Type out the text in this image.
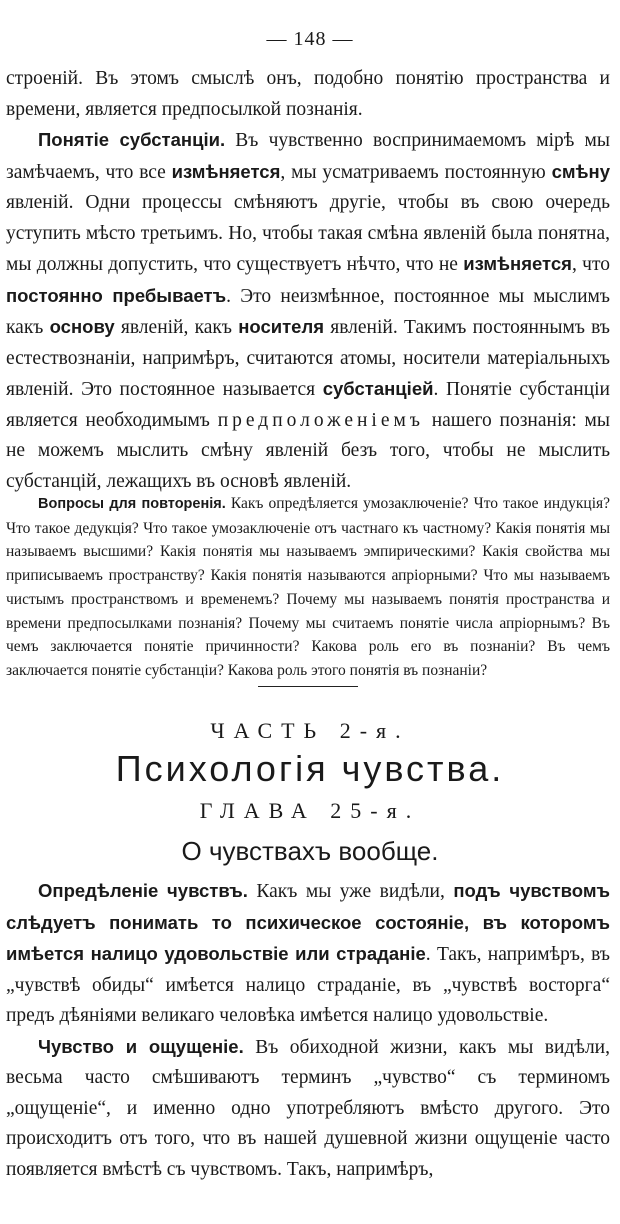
— 148 —

строеній. Въ этомъ смыслѣ онъ, подобно понятію пространства и времени, является предпосылкой познанія.

Понятіе субстанціи. Въ чувственно воспринимаемомъ мірѣ мы замѣчаемъ, что все измѣняется, мы усматриваемъ постоянную смѣну явленій. Одни процессы смѣняютъ другіе, чтобы въ свою очередь уступить мѣсто третьимъ. Но, чтобы такая смѣна явленій была понятна, мы должны допустить, что существуетъ нѣчто, что не измѣняется, что постоянно пребываетъ. Это неизмѣнное, постоянное мы мыслимъ какъ основу явленій, какъ носителя явленій. Такимъ постояннымъ въ естествознаніи, напримѣръ, считаются атомы, носители матеріальныхъ явленій. Это постоянное называется субстанціей. Понятіе субстанціи является необходимымъ предположеніемъ нашего познанія: мы не можемъ мыслить смѣну явленій безъ того, чтобы не мыслить субстанцій, лежащихъ въ основѣ явленій.

Вопросы для повторенія. Какъ опредѣляется умозаключеніе? Что такое индукція? Что такое дедукція? Что такое умозаключеніе отъ частнаго къ частному? Какія понятія мы называемъ высшими? Какія понятія мы называемъ эмпирическими? Какія свойства мы приписываемъ пространству? Какія понятія называются апріорными? Что мы называемъ чистымъ пространствомъ и временемъ? Почему мы называемъ понятія пространства и времени предпосылками познанія? Почему мы считаемъ понятіе числа апріорнымъ? Въ чемъ заключается понятіе причинности? Какова роль его въ познаніи? Въ чемъ заключается понятіе субстанціи? Какова роль этого понятія въ познаніи?

ЧАСТЬ 2-я.
Психологія чувства.
ГЛАВА 25-я.
О чувствахъ вообще.

Опредѣленіе чувствъ. Какъ мы уже видѣли, подъ чувствомъ слѣдуетъ понимать то психическое состояніе, въ которомъ имѣется налицо удовольствіе или страданіе. Такъ, напримѣръ, въ „чувствѣ обиды“ имѣется налицо страданіе, въ „чувствѣ восторга“ предъ дѣяніями великаго человѣка имѣется налицо удовольствіе.

Чувство и ощущеніе. Въ обиходной жизни, какъ мы видѣли, весьма часто смѣшиваютъ терминъ „чувство“ съ терминомъ „ощущеніе“, и именно одно употребляютъ вмѣсто другого. Это происходитъ отъ того, что въ нашей душевной жизни ощущеніе часто появляется вмѣстѣ съ чувствомъ. Такъ, напримѣръ,
